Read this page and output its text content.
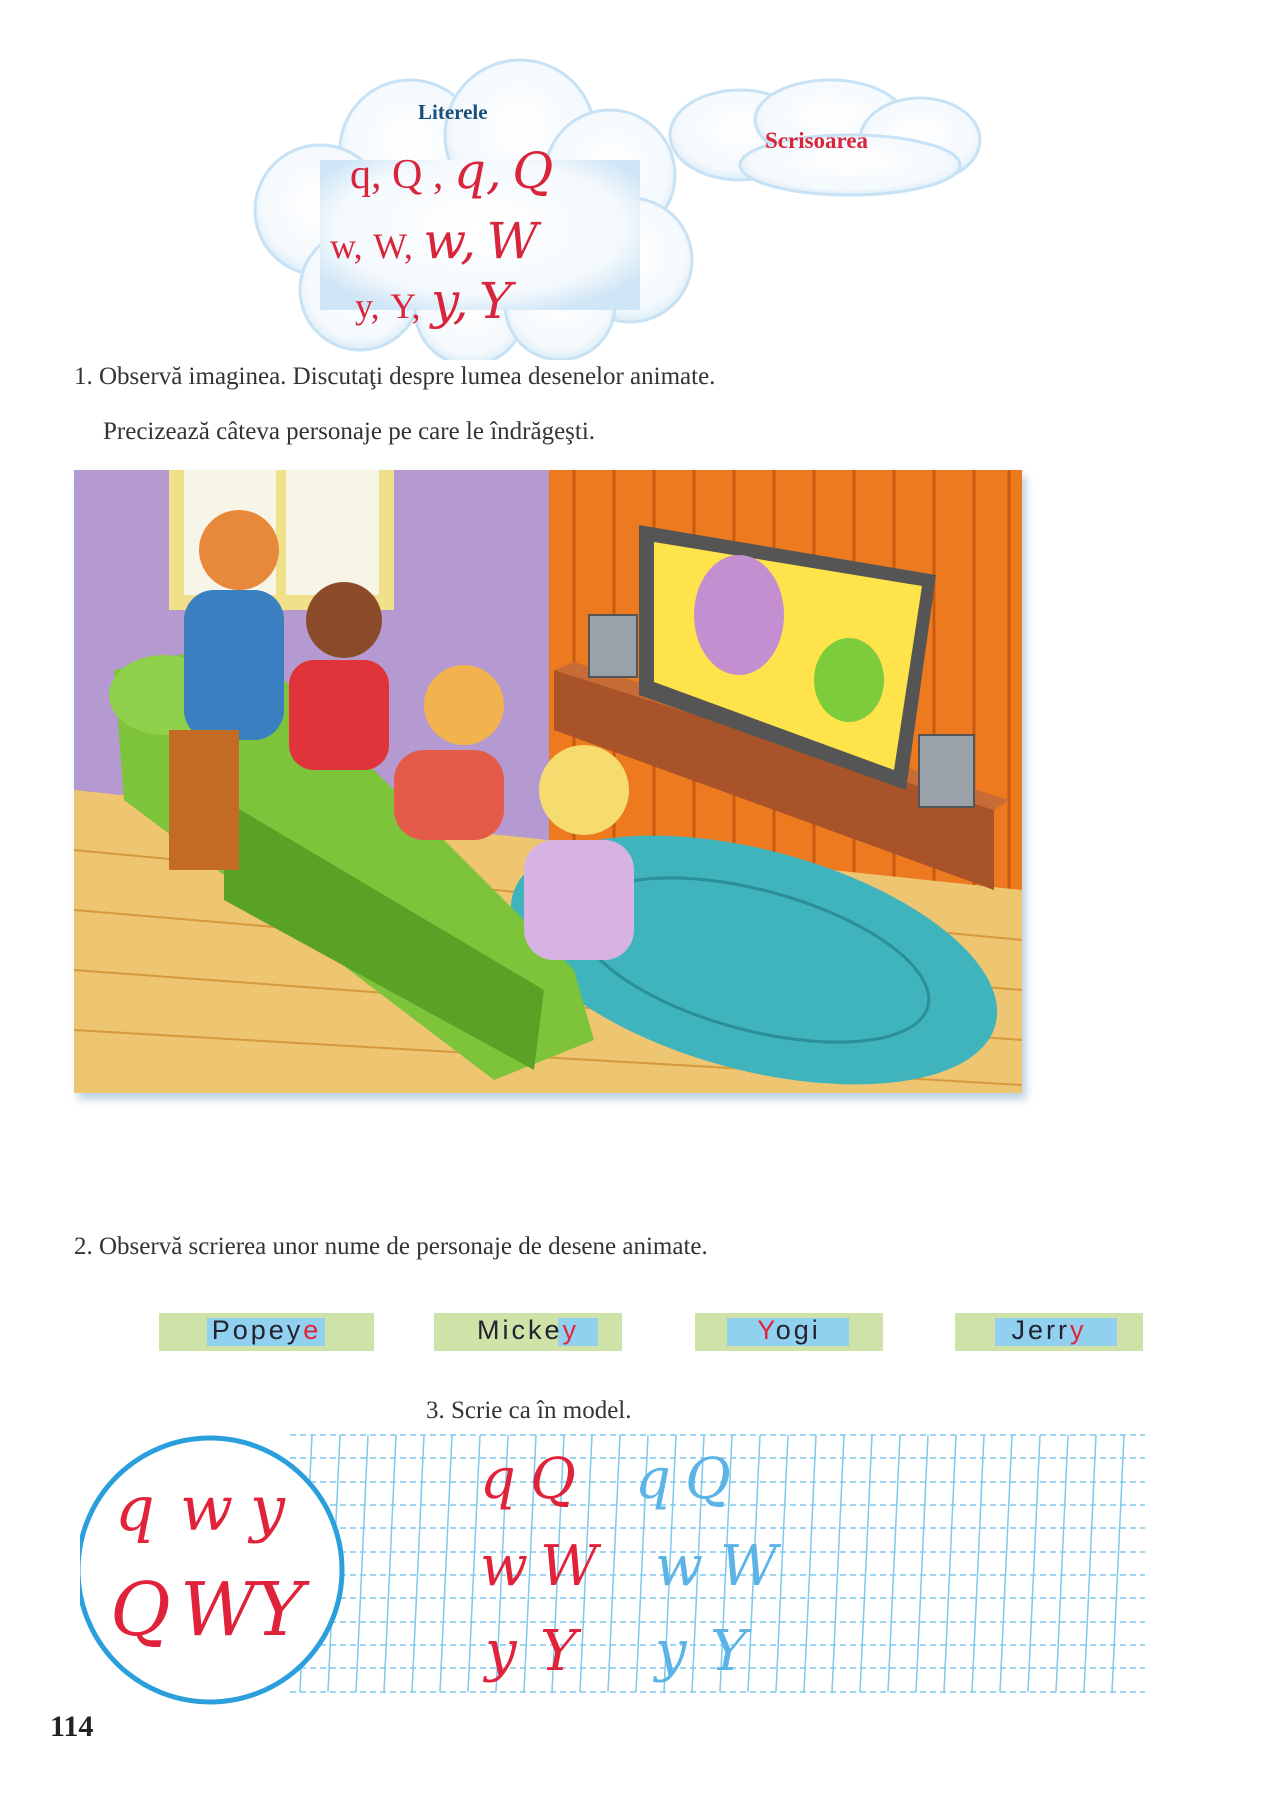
Literele
q, Q , q, Q
w, W, w, W
y, Y, y, Y
Scrisoarea
1. Observă imaginea. Discutaţi despre lumea desenelor animate.
Precizează câteva personaje pe care le îndrăgeşti.
2. Observă scrierea unor nume de personaje de desene animate.
Popeye	Mickey	Yogi	Jerry
3. Scrie ca în model.
q w y
Q W
Y
q Q q Q
w W w W
y Y y Y
114
